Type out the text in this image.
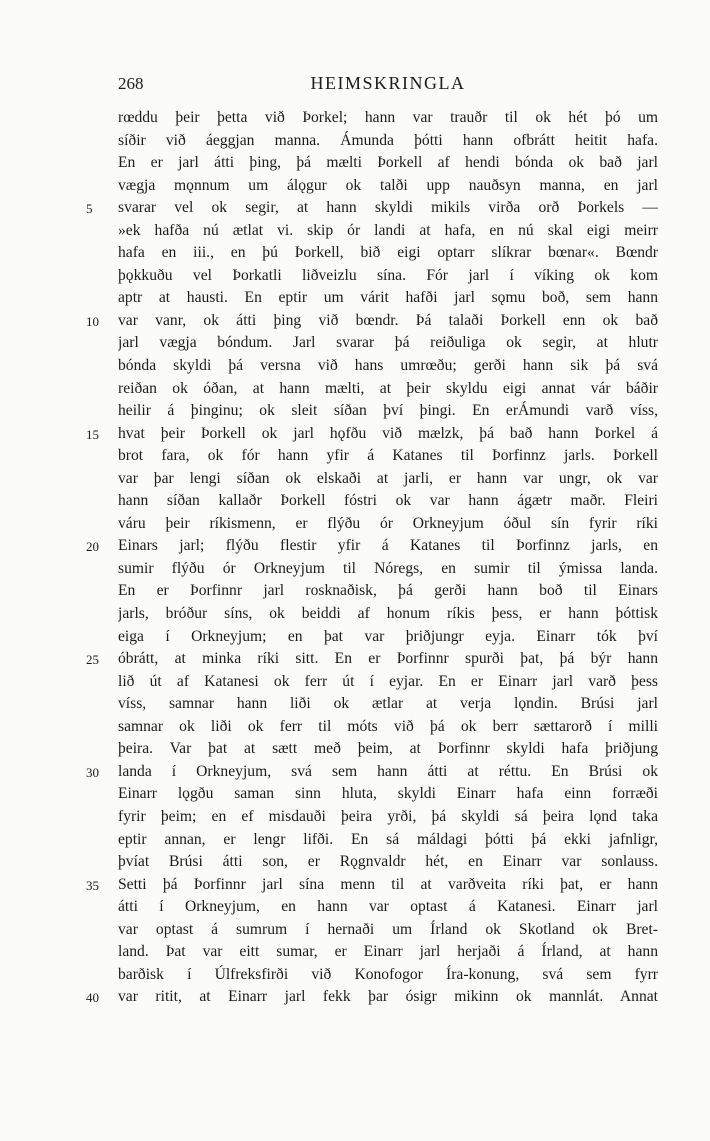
268	HEIMSKRINGLA
rœddu þeir þetta við Þorkel; hann var trauðr til ok hét þó um
síðir við áeggjan manna. Ámunda þótti hann ofbrátt heitit hafa.
En er jarl átti þing, þá mælti Þorkell af hendi bónda ok bað jarl
vægja mǫnnum um álǫgur ok talði upp nauðsyn manna, en jarl
5	svarar vel ok segir, at hann skyldi mikils virða orð Þorkels —
»ek hafða nú ætlat vi. skip ór landi at hafa, en nú skal eigi meirr
hafa en iii., en þú Þorkell, bið eigi optarr slíkrar bœnar«. Bœndr
þǫkkuðu vel Þorkatli liðveizlu sína. Fór jarl í víking ok kom
aptr at hausti. En eptir um várit hafði jarl sǫmu boð, sem hann
10	var vanr, ok átti þing við bœndr. Þá talaði Þorkell enn ok bað
jarl vægja bóndum. Jarl svarar þá reiðuliga ok segir, at hlutr
bónda skyldi þá versna við hans umrœðu; gerði hann sik þá svá
reiðan ok óðan, at hann mælti, at þeir skyldu eigi annat vár báðir
heilir á þinginu; ok sleit síðan því þingi. En erÁmundi varð víss,
15	hvat þeir Þorkell ok jarl hǫfðu við mælzk, þá bað hann Þorkel á
brot fara, ok fór hann yfir á Katanes til Þorfinnz jarls. Þorkell
var þar lengi síðan ok elskaði at jarli, er hann var ungr, ok var
hann síðan kallaðr Þorkell fóstri ok var hann ágætr maðr. Fleiri
váru þeir ríkismenn, er flýðu ór Orkneyjum óðul sín fyrir ríki
20	Einars jarl; flýðu flestir yfir á Katanes til Þorfinnz jarls, en
sumir flýðu ór Orkneyjum til Nóregs, en sumir til ýmissa landa.
En er Þorfinnr jarl rosknaðisk, þá gerði hann boð til Einars
jarls, bróður síns, ok beiddi af honum ríkis þess, er hann þóttisk
eiga í Orkneyjum; en þat var þriðjungr eyja. Einarr tók því
25	óbrátt, at minka ríki sitt. En er Þorfinnr spurði þat, þá býr hann
lið út af Katanesi ok ferr út í eyjar. En er Einarr jarl varð þess
víss, samnar hann liði ok ætlar at verja lǫndin. Brúsi jarl
samnar ok liði ok ferr til móts við þá ok berr sættarorð í milli
þeira. Var þat at sætt með þeim, at Þorfinnr skyldi hafa þriðjung
30	landa í Orkneyjum, svá sem hann átti at réttu. En Brúsi ok
Einarr lǫgðu saman sinn hluta, skyldi Einarr hafa einn forræði
fyrir þeim; en ef misdauði þeira yrði, þá skyldi sá þeira lǫnd taka
eptir annan, er lengr lifði. En sá máldagi þótti þá ekki jafnligr,
þvíat Brúsi átti son, er Rǫgnvaldr hét, en Einarr var sonlauss.
35	Setti þá Þorfinnr jarl sína menn til at varðveita ríki þat, er hann
átti í Orkneyjum, en hann var optast á Katanesi. Einarr jarl
var optast á sumrum í hernaði um Írland ok Skotland ok Bret-
land. Þat var eitt sumar, er Einarr jarl herjaði á Írland, at hann
barðisk í Úlfreksfirði við Konofogor Íra-konung, svá sem fyrr
40	var ritit, at Einarr jarl fekk þar ósigr mikinn ok mannlát. Annat
